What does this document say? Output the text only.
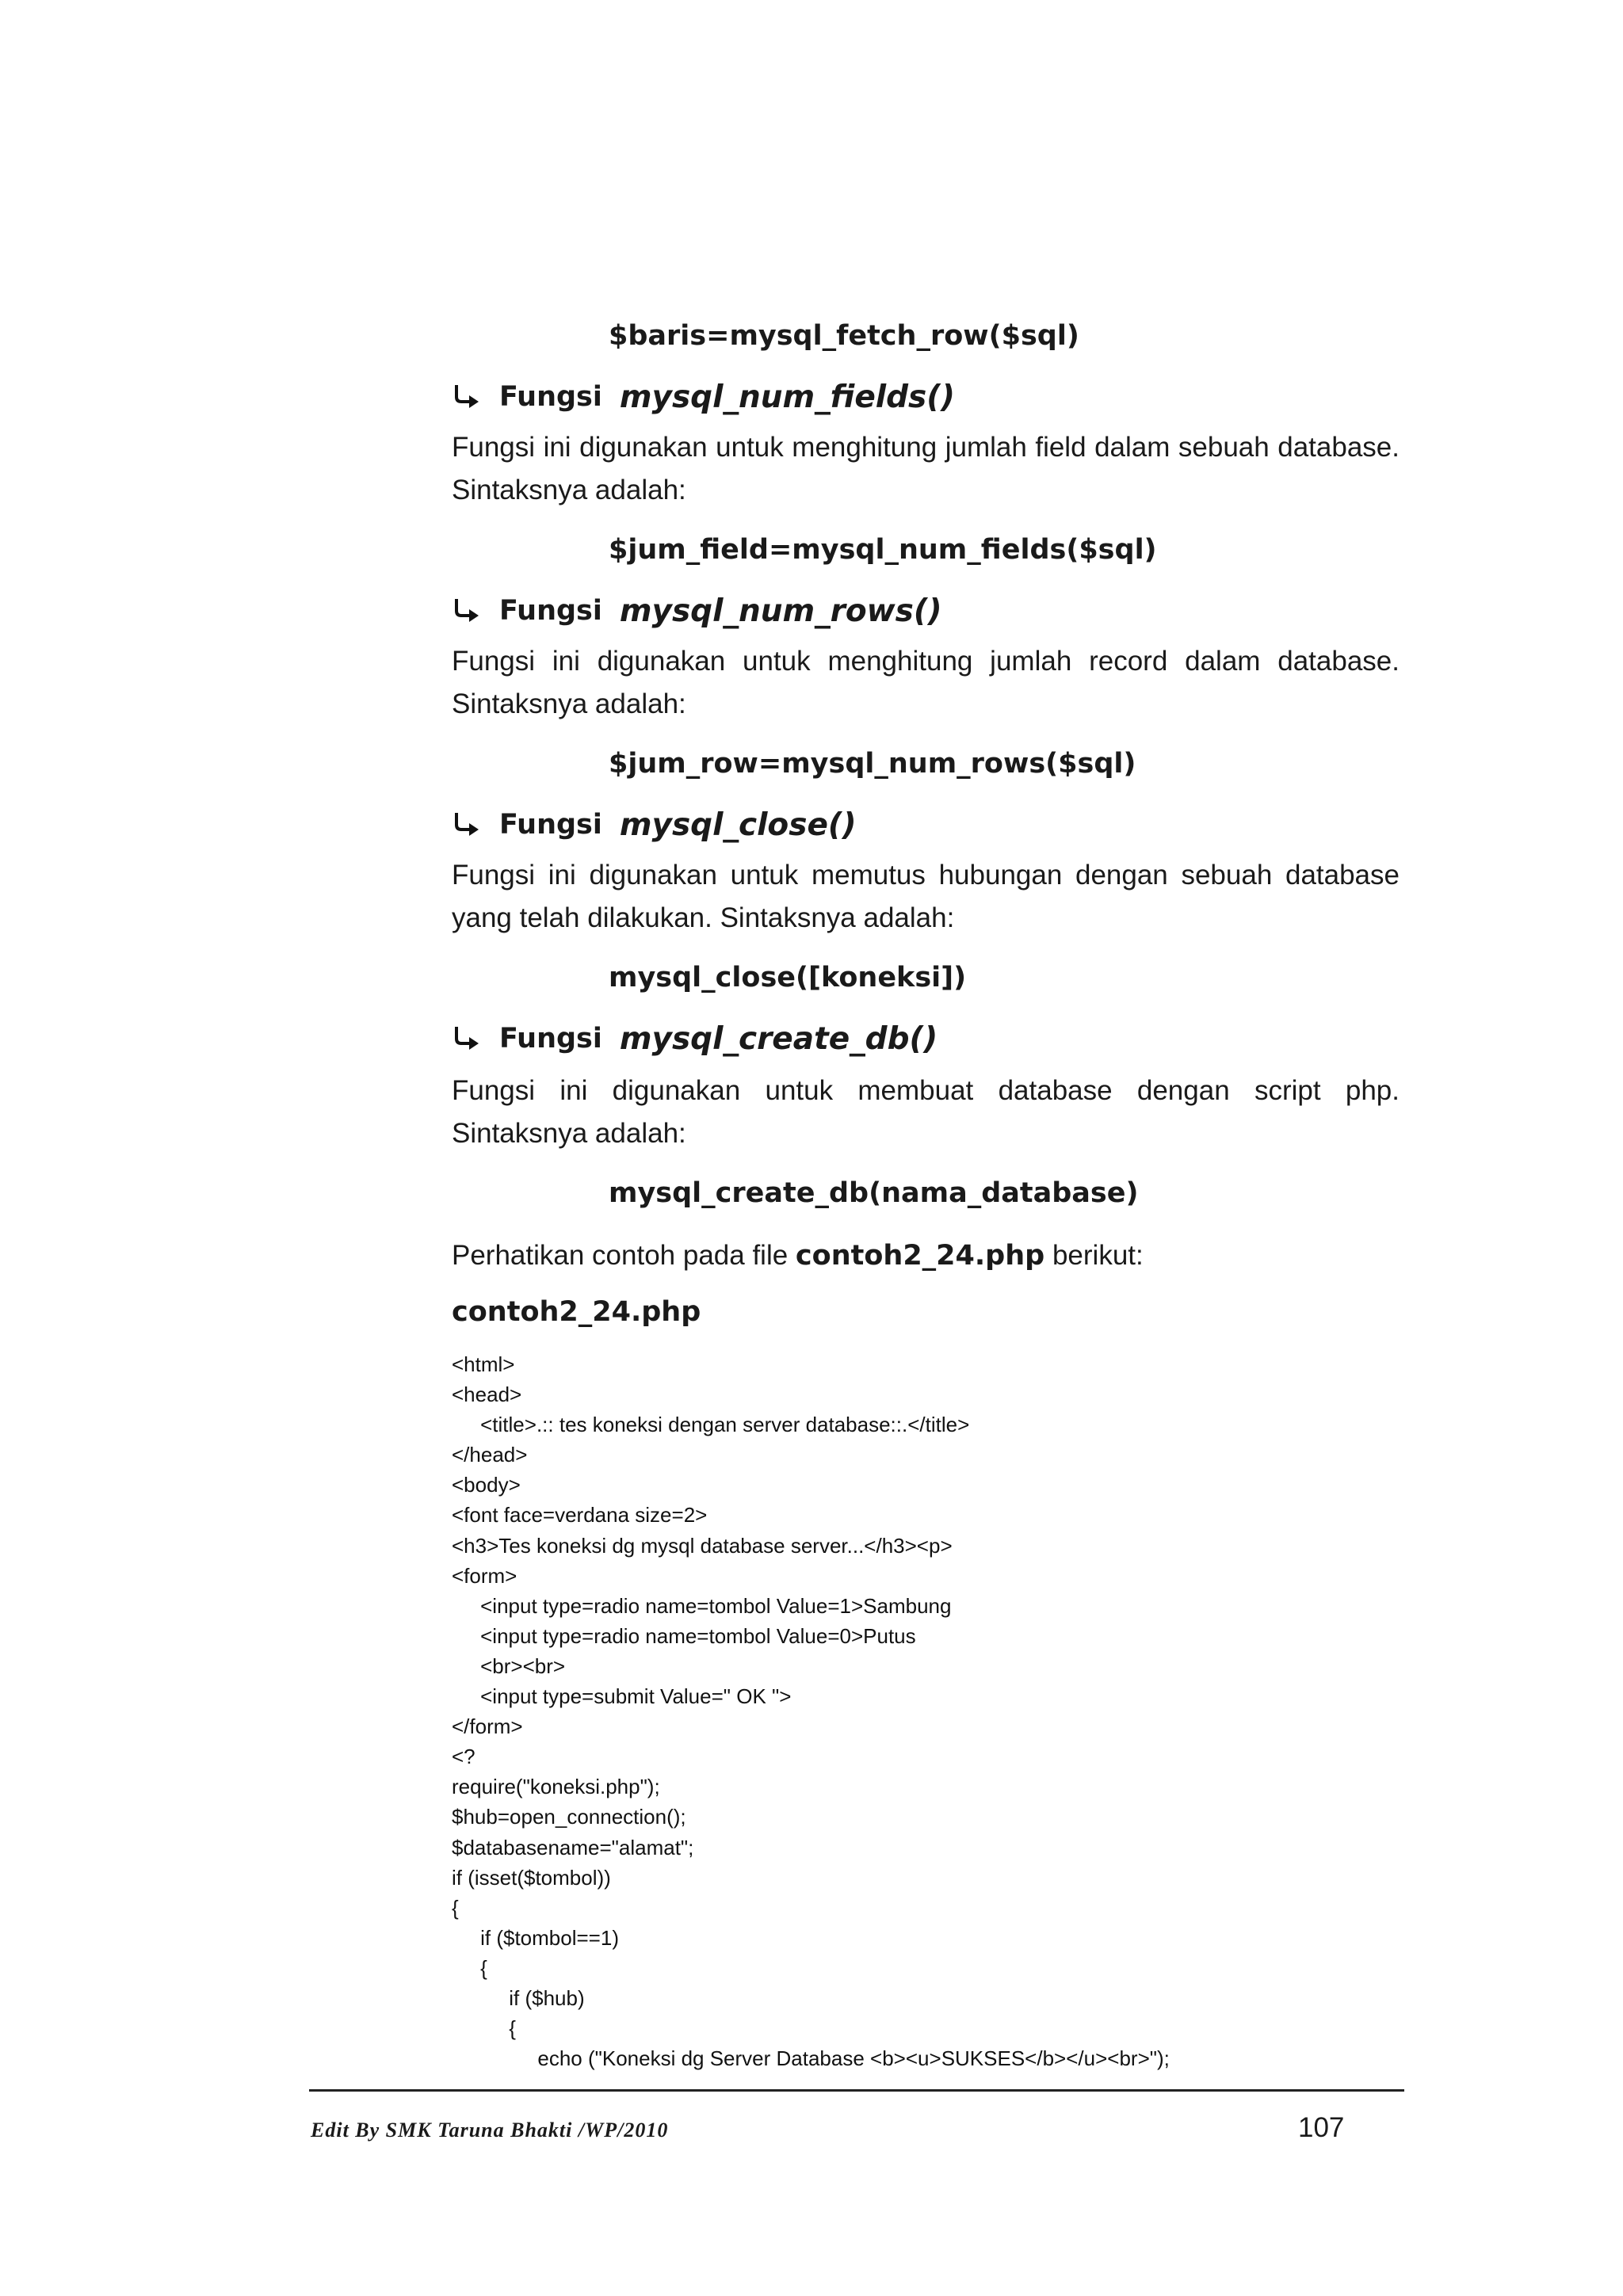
$baris=mysql_fetch_row($sql)
Fungsi mysql_num_fields()
Fungsi ini digunakan untuk menghitung jumlah field dalam sebuah database. Sintaksnya adalah:
$jum_field=mysql_num_fields($sql)
Fungsi mysql_num_rows()
Fungsi ini digunakan untuk menghitung jumlah record dalam database. Sintaksnya adalah:
$jum_row=mysql_num_rows($sql)
Fungsi mysql_close()
Fungsi ini digunakan untuk memutus hubungan dengan sebuah database yang telah dilakukan. Sintaksnya adalah:
mysql_close([koneksi])
Fungsi mysql_create_db()
Fungsi ini digunakan untuk membuat database dengan script php. Sintaksnya adalah:
mysql_create_db(nama_database)
Perhatikan contoh pada file contoh2_24.php berikut:
contoh2_24.php
<html>
<head>
<title>.:: tes koneksi dengan server database::.</title>
</head>
<body>
<font face=verdana size=2>
<h3>Tes koneksi dg mysql database server...</h3><p>
<form>
<input type=radio name=tombol Value=1>Sambung
<input type=radio name=tombol Value=0>Putus
<br><br>
<input type=submit Value=" OK ">
</form>
<?
require("koneksi.php");
$hub=open_connection();
$databasename="alamat";
if (isset($tombol))
{
if ($tombol==1)
{
if ($hub)
{
echo ("Koneksi dg Server Database <b><u>SUKSES</b></u><br>");
Edit By SMK Taruna Bhakti /WP/2010	107
